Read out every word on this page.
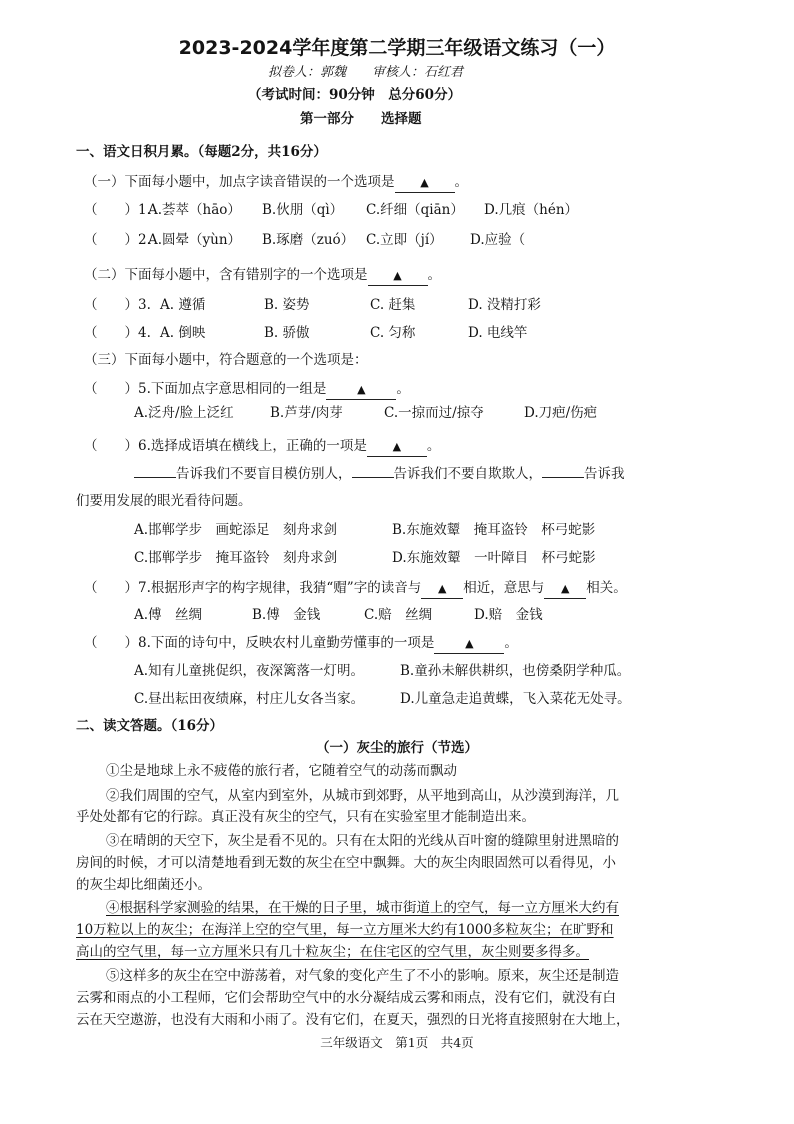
2023-2024学年度第二学期三年级语文练习（一）
拟卷人：郭魏　　审核人：石红君
（考试时间：90分钟　总分60分）
第一部分　　选择题
一、语文日积月累。（每题2分，共16分）
（一）下面每小题中，加点字读音错误的一个选项是 ▲ 。
（　　）1.
A.荟萃（hāo） B.伙朋（qì） C.纤细（qiān） D.几痕（hén）
（　　）2.
A.圆晕（yùn） B.琢磨（zuó） C.立即（jí） D.应验（
（二）下面每小题中，含有错别字的一个选项是 ▲ 。
（　　）3. A. 遵循	B. 姿势	C. 赶集	D. 没精打彩
（　　）4. A. 倒映	B. 骄傲	C. 匀称	D. 电线竿
（三）下面每小题中，符合题意的一个选项是：
（　　）5.下面加点字意思相同的一组是	▲ 。
A.泛舟/脸上泛红	B.芦芽/肉芽	C.一掠而过/掠夺	D.刀疤/伤疤
（　　）6.选择成语填在横线上，正确的一项是 ▲ 。
告诉我们不要盲目模仿别人，	告诉我们不要自欺欺人，	告诉我
们要用发展的眼光看待问题。
A.邯郸学步　画蛇添足　刻舟求剑	B.东施效颦　掩耳盗铃　杯弓蛇影
C.邯郸学步　掩耳盗铃　刻舟求剑	D.东施效颦　一叶障目　杯弓蛇影
（　　）7.根据形声字的构字规律，我猜“赗”字的读音与 ▲ 相近，意思与 ▲ 相关。
A.傅　丝绸	B.傅　金钱	C.赔　丝绸	D.赔　金钱
（　　）8.下面的诗句中，反映农村儿童勤劳懂事的一项是	▲ 。
A.知有儿童挑促织，夜深篱落一灯明。	B.童孙未解供耕织，也傍桑阴学种瓜。
C.昼出耘田夜绩麻，村庄儿女各当家。	D.儿童急走追黄蝶，飞入菜花无处寻。
二、读文答题。（16分）
（一）灰尘的旅行（节选）
①尘是地球上永不疲倦的旅行者，它随着空气的动荡而飘动
②我们周围的空气，从室内到室外，从城市到郊野，从平地到高山，从沙漠到海洋，几
乎处处都有它的行踪。真正没有灰尘的空气，只有在实验室里才能制造出来。
③在晴朗的天空下，灰尘是看不见的。只有在太阳的光线从百叶窗的缝隙里射进黑暗的
房间的时候，才可以清楚地看到无数的灰尘在空中飘舞。大的灰尘肉眼固然可以看得见，小
的灰尘却比细菌还小。
④根据科学家测验的结果，在干燥的日子里，城市街道上的空气，每一立方厘米大约有
10万粒以上的灰尘；在海洋上空的空气里，每一立方厘米大约有1000多粒灰尘；在旷野和
高山的空气里，每一立方厘米只有几十粒灰尘；在住宅区的空气里，灰尘则要多得多。
⑤这样多的灰尘在空中游荡着，对气象的变化产生了不小的影响。原来，灰尘还是制造
云雾和雨点的小工程师，它们会帮助空气中的水分凝结成云雾和雨点，没有它们，就没有白
云在天空遨游，也没有大雨和小雨了。没有它们，在夏天，强烈的日光将直接照射在大地上，
三年级语文　第1页　共4页
